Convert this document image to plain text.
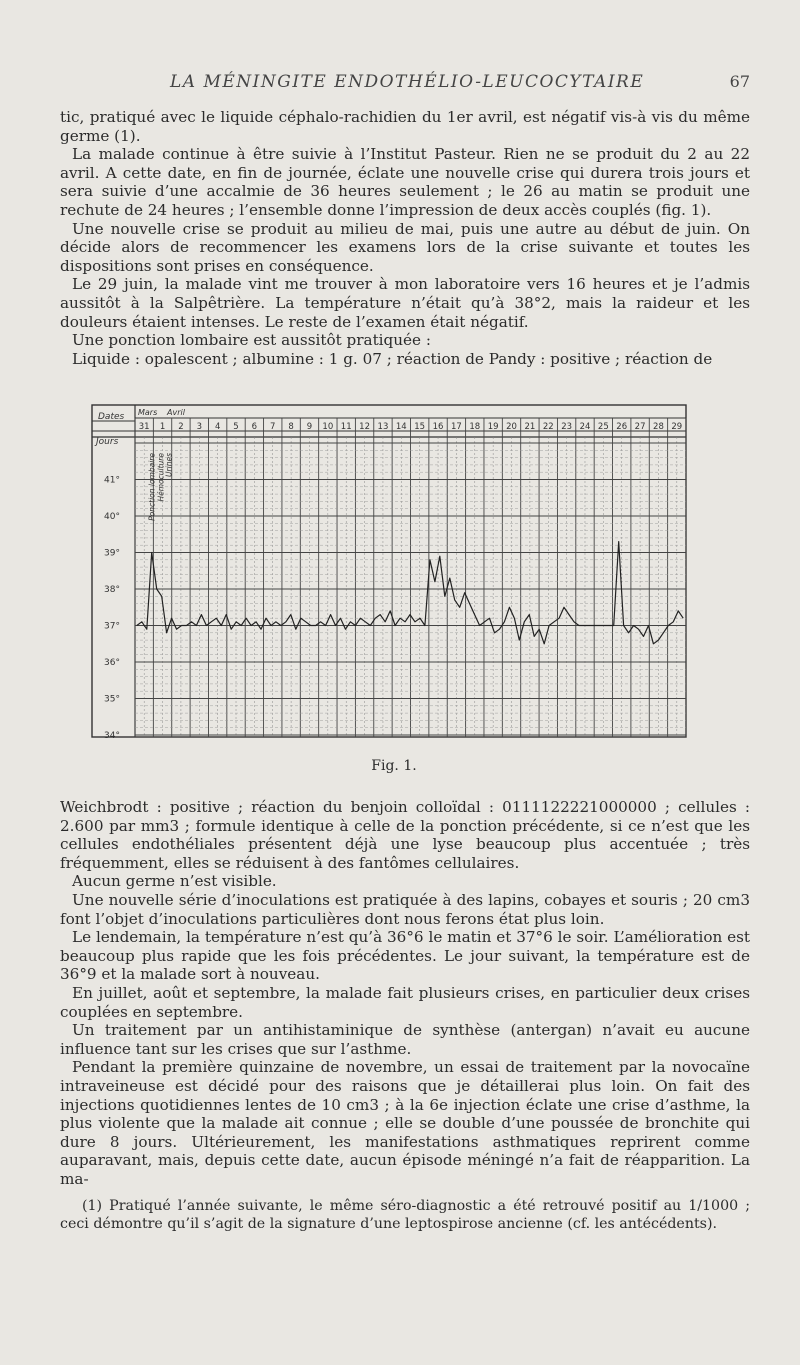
LA MÉNINGITE ENDOTHÉLIO-LEUCOCYTAIRE	67

tic, pratiqué avec le liquide céphalo-rachidien du 1er avril, est négatif vis-à vis du même germe (1).

La malade continue à être suivie à l’Institut Pasteur. Rien ne se produit du 2 au 22 avril. A cette date, en fin de journée, éclate une nouvelle crise qui durera trois jours et sera suivie d’une accalmie de 36 heures seulement ; le 26 au matin se produit une rechute de 24 heures ; l’ensemble donne l’impression de deux accès couplés (fig. 1).

Une nouvelle crise se produit au milieu de mai, puis une autre au début de juin. On décide alors de recommencer les examens lors de la crise suivante et toutes les dispositions sont prises en conséquence.

Le 29 juin, la malade vint me trouver à mon laboratoire vers 16 heures et je l’admis aussitôt à la Salpêtrière. La température n’était qu’à 38°2, mais la raideur et les douleurs étaient intenses. Le reste de l’examen était négatif.

Une ponction lombaire est aussitôt pratiquée :

Liquide : opalescent ; albumine : 1 g. 07 ; réaction de Pandy : positive ; réaction de

Dates
Jours
Mars Avril
31 1 2 3 4 5 6 7 8 9 10 11 12 13 14 15 16 17 18 19 20 21 22 23 24 25 26 27 28 29
41°
40°
39°
38°
37°
36°
35°
34°
Ponction lombaire Hémoculture Urines
Fig. 1.

Weichbrodt : positive ; réaction du benjoin colloïdal : 0111122221000000 ; cellules : 2.600 par mm3 ; formule identique à celle de la ponction précédente, si ce n’est que les cellules endothéliales présentent déjà une lyse beaucoup plus accentuée ; très fréquemment, elles se réduisent à des fantômes cellulaires.

Aucun germe n’est visible.

Une nouvelle série d’inoculations est pratiquée à des lapins, cobayes et souris ; 20 cm3 font l’objet d’inoculations particulières dont nous ferons état plus loin.

Le lendemain, la température n’est qu’à 36°6 le matin et 37°6 le soir. L’amélioration est beaucoup plus rapide que les fois précédentes. Le jour suivant, la température est de 36°9 et la malade sort à nouveau.

En juillet, août et septembre, la malade fait plusieurs crises, en particulier deux crises couplées en septembre.

Un traitement par un antihistaminique de synthèse (antergan) n’avait eu aucune influence tant sur les crises que sur l’asthme.

Pendant la première quinzaine de novembre, un essai de traitement par la novocaïne intraveineuse est décidé pour des raisons que je détaillerai plus loin. On fait des injections quotidiennes lentes de 10 cm3 ; à la 6e injection éclate une crise d’asthme, la plus violente que la malade ait connue ; elle se double d’une poussée de bronchite qui dure 8 jours. Ultérieurement, les manifestations asthmatiques reprirent comme auparavant, mais, depuis cette date, aucun épisode méningé n’a fait de réapparition. La ma-

(1) Pratiqué l’année suivante, le même séro-diagnostic a été retrouvé positif au 1/1000 ; ceci démontre qu’il s’agit de la signature d’une leptospirose ancienne (cf. les antécédents).
